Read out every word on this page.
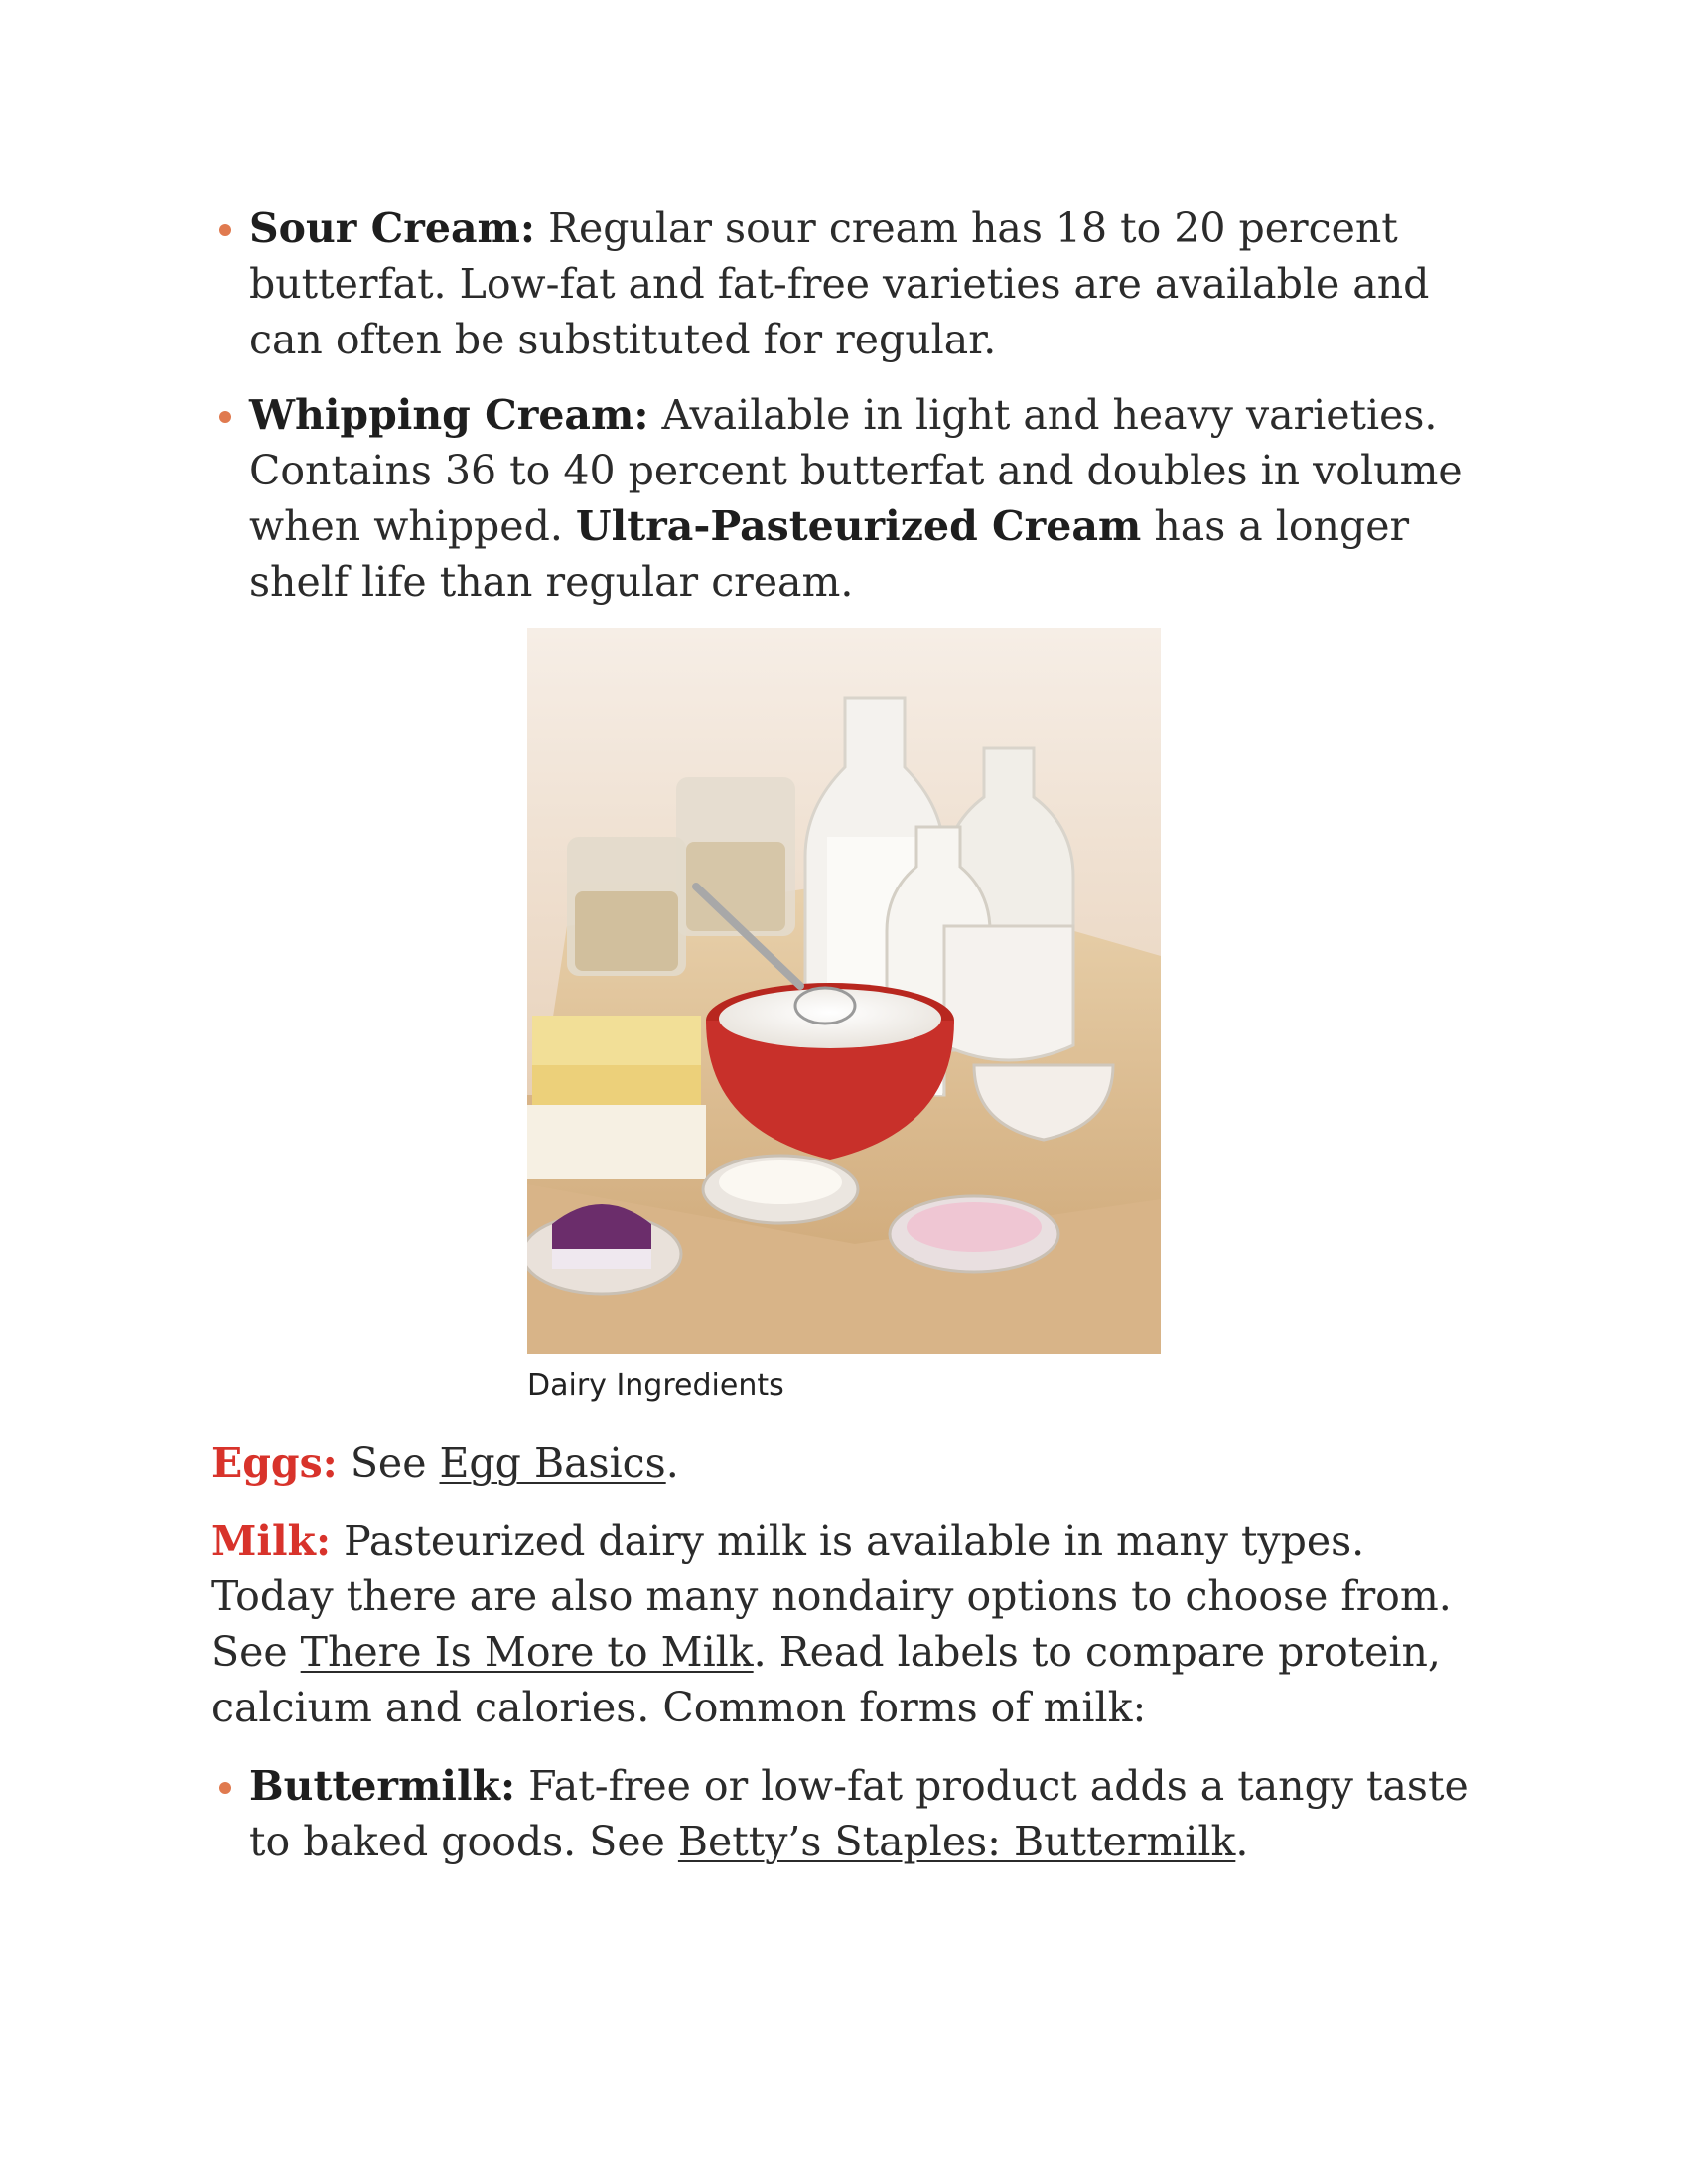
Sour Cream: Regular sour cream has 18 to 20 percent butterfat. Low-fat and fat-free varieties are available and can often be substituted for regular.

Whipping Cream: Available in light and heavy varieties. Contains 36 to 40 percent butterfat and doubles in volume when whipped. Ultra-Pasteurized Cream has a longer shelf life than regular cream.

Dairy Ingredients

Eggs: See Egg Basics.

Milk: Pasteurized dairy milk is available in many types. Today there are also many nondairy options to choose from. See There Is More to Milk. Read labels to compare protein, calcium and calories. Common forms of milk:

Buttermilk: Fat-free or low-fat product adds a tangy taste to baked goods. See Betty’s Staples: Buttermilk.
